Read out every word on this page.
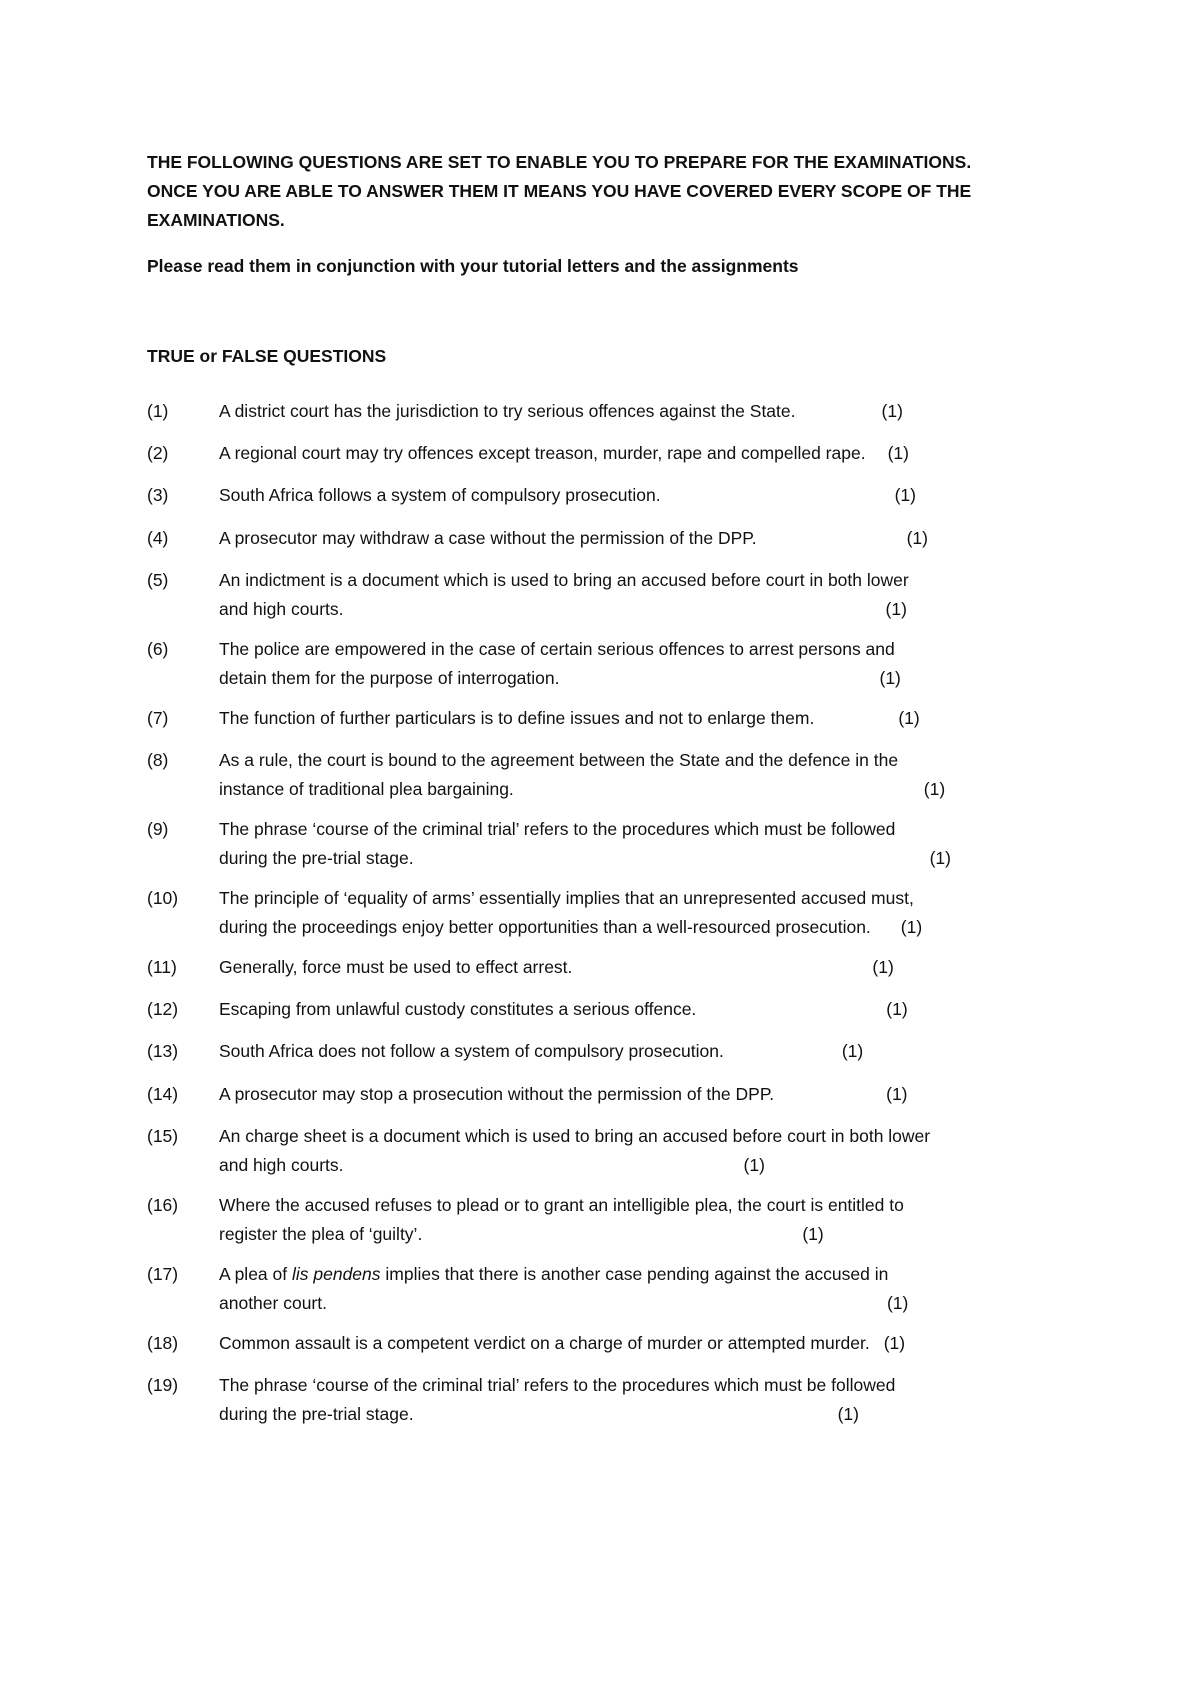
THE FOLLOWING QUESTIONS ARE SET TO ENABLE YOU TO PREPARE FOR THE EXAMINATIONS.
ONCE YOU ARE ABLE TO ANSWER THEM IT MEANS YOU HAVE COVERED EVERY SCOPE OF THE
EXAMINATIONS.

Please read them in conjunction with your tutorial letters and the assignments

TRUE or FALSE QUESTIONS

(1)	A district court has the jurisdiction to try serious offences against the State.	(1)
(2)	A regional court may try offences except treason, murder, rape and compelled rape. (1)
(3)	South Africa follows a system of compulsory prosecution.	(1)
(4)	A prosecutor may withdraw a case without the permission of the DPP.	(1)
(5)	An indictment is a document which is used to bring an accused before court in both lower
and high courts.	(1)
(6)	The police are empowered in the case of certain serious offences to arrest persons and
detain them for the purpose of interrogation.	(1)
(7)	The function of further particulars is to define issues and not to enlarge them.	(1)
(8)	As a rule, the court is bound to the agreement between the State and the defence in the
instance of traditional plea bargaining.	(1)
(9)	The phrase ‘course of the criminal trial’ refers to the procedures which must be followed
during the pre-trial stage.	(1)
(10) The principle of ‘equality of arms’ essentially implies that an unrepresented accused must,
during the proceedings enjoy better opportunities than a well-resourced prosecution. (1)
(11) Generally, force must be used to effect arrest.	(1)
(12) Escaping from unlawful custody constitutes a serious offence.	(1)
(13) South Africa does not follow a system of compulsory prosecution.	(1)
(14) A prosecutor may stop a prosecution without the permission of the DPP.	(1)
(15) An charge sheet is a document which is used to bring an accused before court in both lower
and high courts.	(1)
(16) Where the accused refuses to plead or to grant an intelligible plea, the court is entitled to
register the plea of ‘guilty’.	(1)
(17) A plea of lis pendens implies that there is another case pending against the accused in
another court.	(1)
(18) Common assault is a competent verdict on a charge of murder or attempted murder. (1)
(19) The phrase ‘course of the criminal trial’ refers to the procedures which must be followed
during the pre-trial stage.	(1)
